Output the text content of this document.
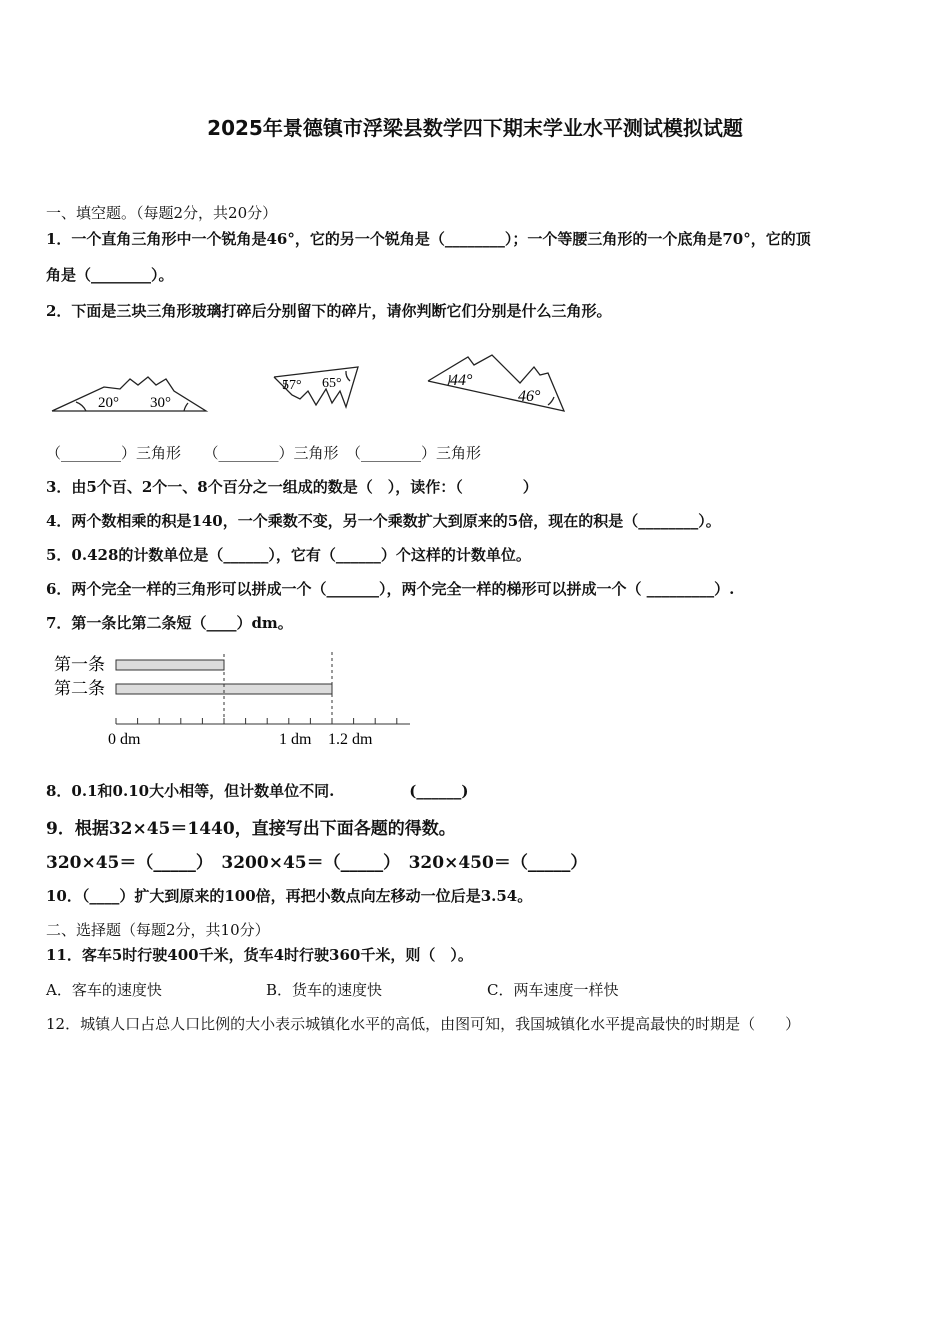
2025年景德镇市浮梁县数学四下期末学业水平测试模拟试题
一、填空题。（每题2分，共20分）
1．一个直角三角形中一个锐角是46°，它的另一个锐角是（________）；一个等腰三角形的一个底角是70°，它的顶
角是（________）。
2．下面是三块三角形玻璃打碎后分别留下的碎片，请你判断它们分别是什么三角形。
20° 30°
57° 65°	44°
46°
（________）三角形　　（________）三角形　（________）三角形
3．由5个百、2个一、8个百分之一组成的数是（　），读作：（　　　　）
4．两个数相乘的积是140，一个乘数不变，另一个乘数扩大到原来的5倍，现在的积是（________）。
5．0.428的计数单位是（______），它有（______）个这样的计数单位。
6．两个完全一样的三角形可以拼成一个（_______），两个完全一样的梯形可以拼成一个（ _________）.
7．第一条比第二条短（____）dm。
第一条
第二条
0 dm	1 dm 1.2 dm
8．0.1和0.10大小相等，但计数单位不同.　　　　　(______)
9．根据32×45＝1440，直接写出下面各题的得数。
320×45＝（_____）　3200×45＝（_____）　320×450＝（_____）
10．（____）扩大到原来的100倍，再把小数点向左移动一位后是3.54。
二、选择题（每题2分，共10分）
11．客车5时行驶400千米，货车4时行驶360千米，则（　）。
A．客车的速度快	B．货车的速度快	C．两车速度一样快
12．城镇人口占总人口比例的大小表示城镇化水平的高低，由图可知，我国城镇化水平提高最快的时期是（　　）
